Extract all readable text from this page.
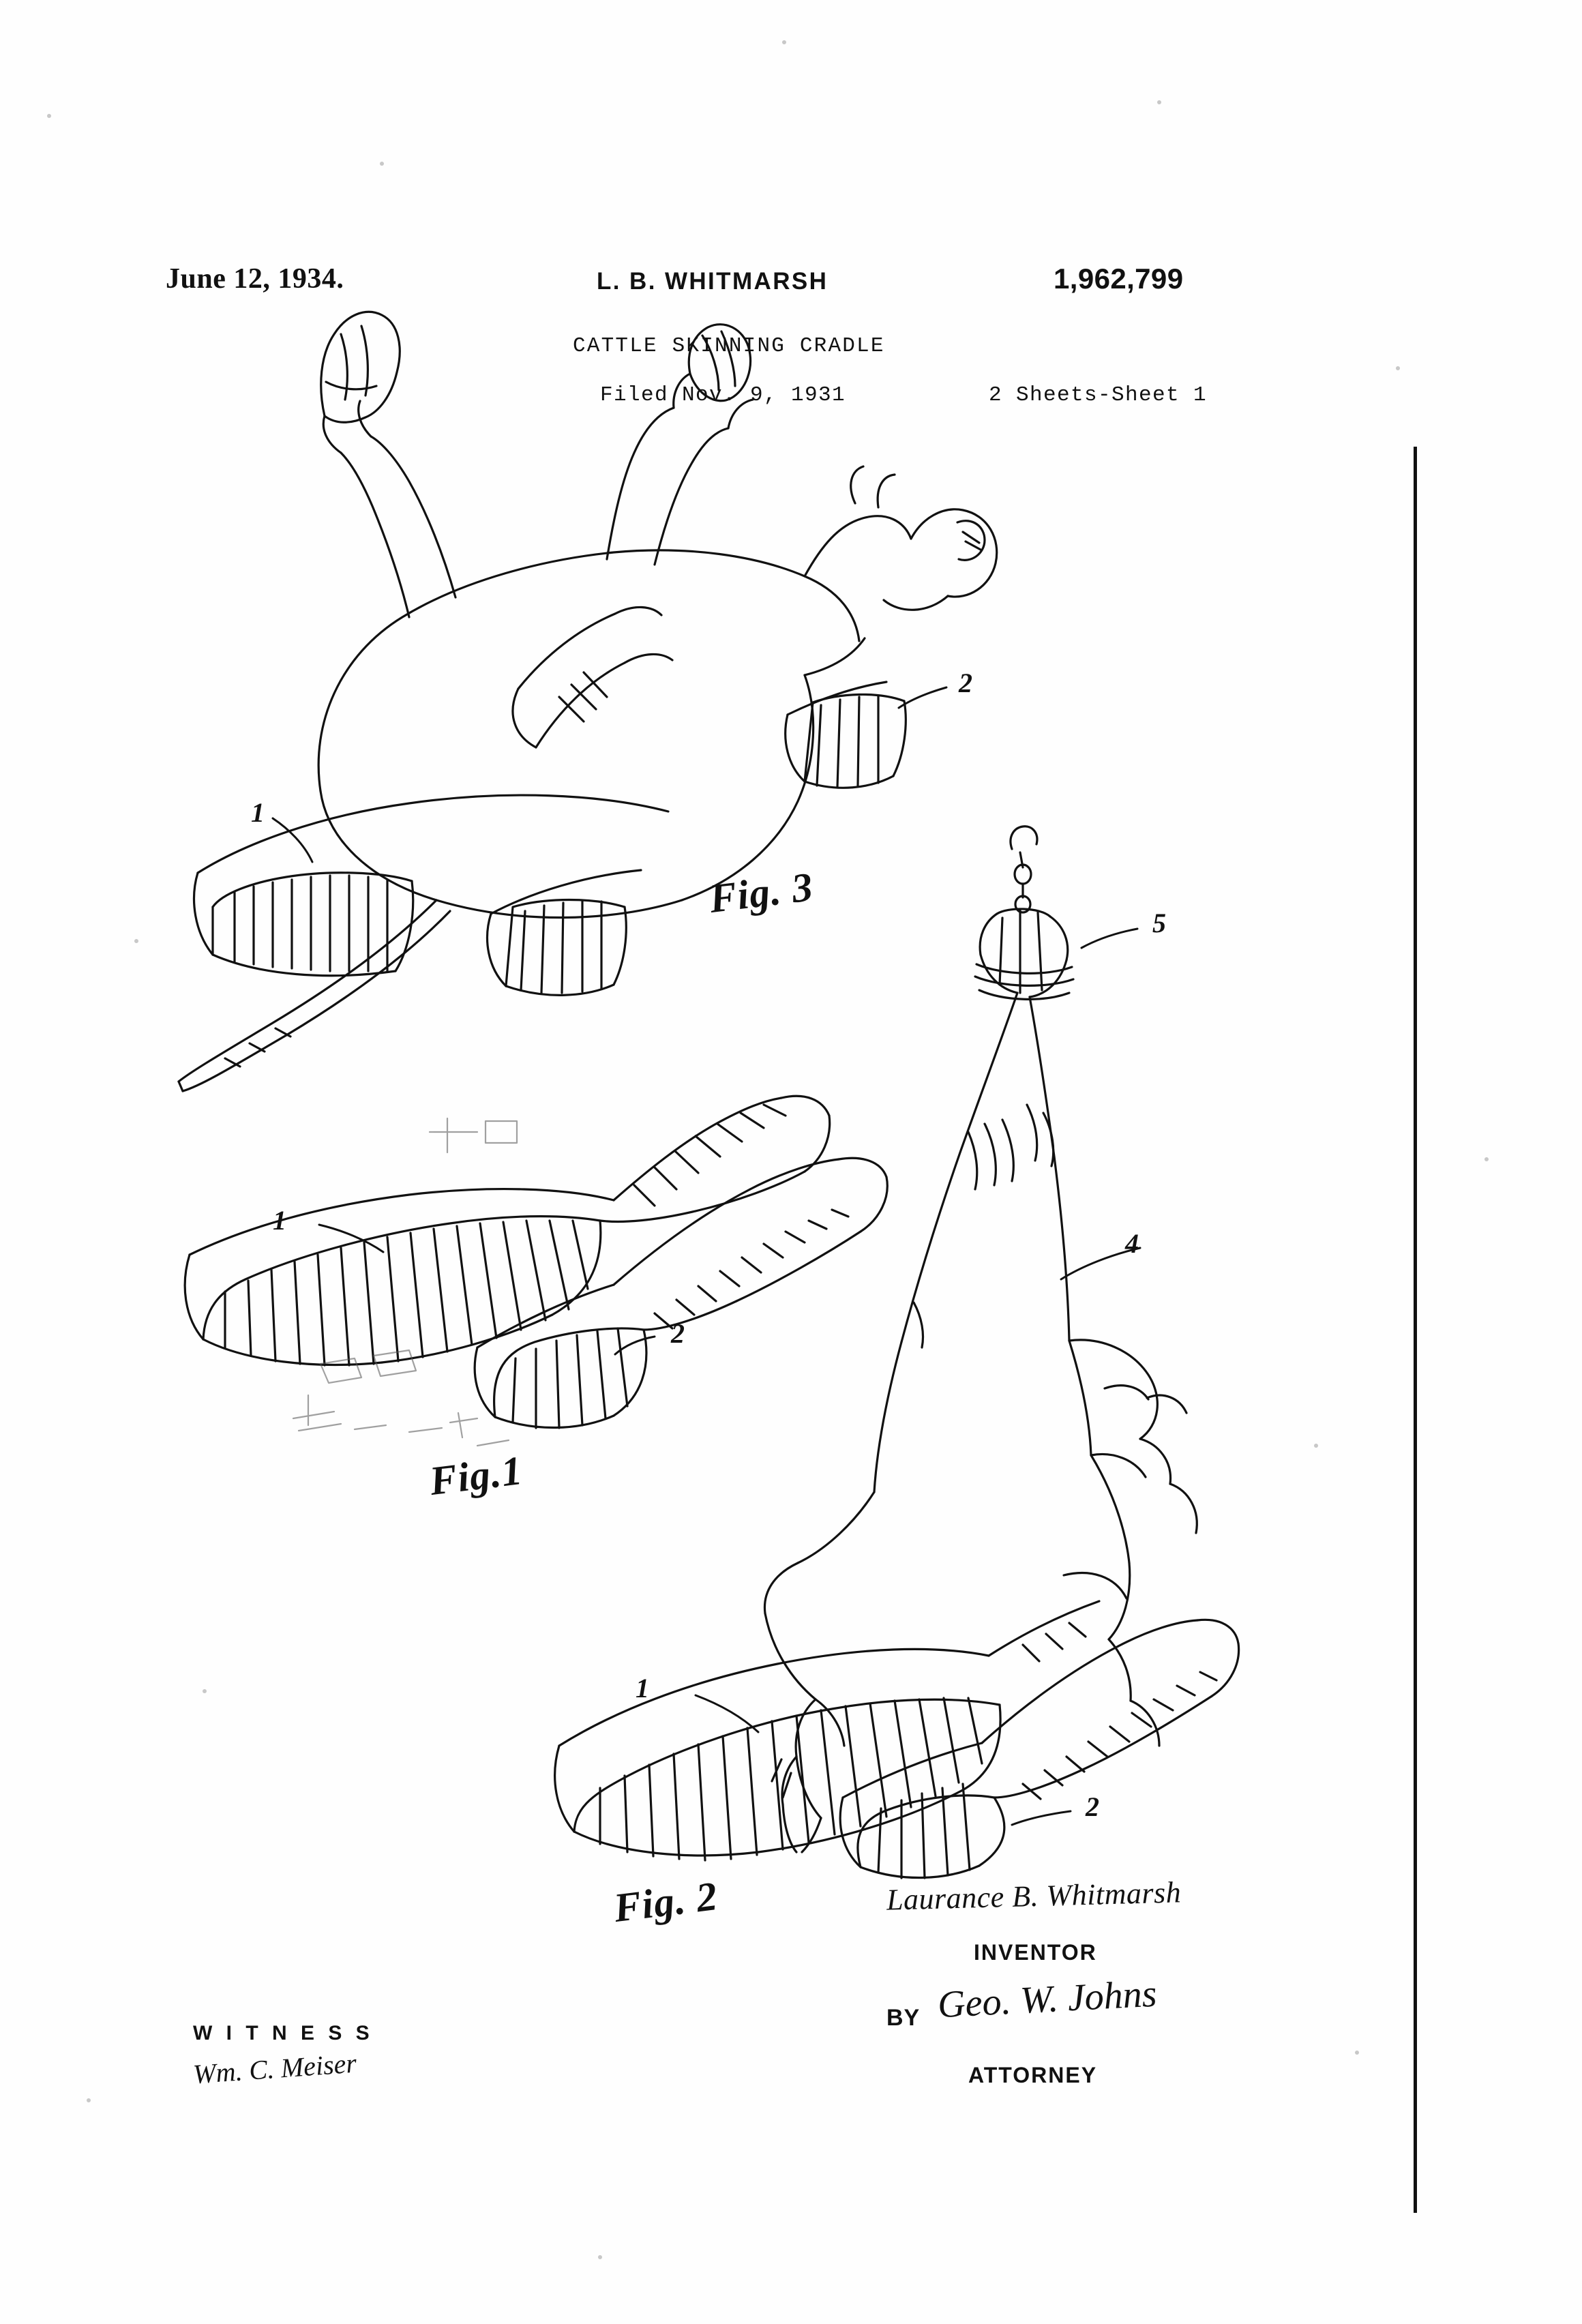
June 12, 1934.	L. B. WHITMARSH	1,962,799
CATTLE SKINNING CRADLE
Filed Nov. 9, 1931	2 Sheets-Sheet 1
Fig. 3
Fig.1
Fig. 2
1
2
1
2
1
2
4
5
Laurance B. Whitmarsh
INVENTOR
BY Geo. W. Johns
ATTORNEY
W I T N E S S
Wm. C. Meiser
